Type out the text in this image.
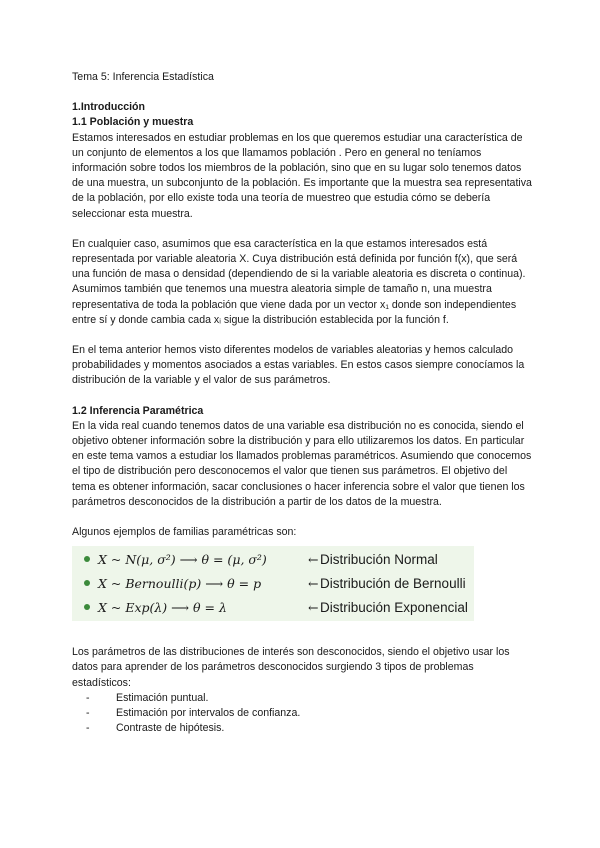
Tema 5: Inferencia Estadística

1.Introducción

1.1 Población y muestra

Estamos interesados en estudiar problemas en los que queremos estudiar una característica de un conjunto de elementos a los que llamamos población . Pero en general no teníamos información sobre todos los miembros de la población, sino que en su lugar solo tenemos datos de una muestra, un subconjunto de la población. Es importante que la muestra sea representativa de la población, por ello existe toda una teoría de muestreo que estudia cómo se debería seleccionar esta muestra.

En cualquier caso, asumimos que esa característica en la que estamos interesados está representada por variable aleatoria X. Cuya distribución está definida por función f(x), que será una función de masa o densidad (dependiendo de si la variable aleatoria es discreta o continua). Asumimos también que tenemos una muestra aleatoria simple de tamaño n, una muestra representativa de toda la población que viene dada por un vector x₁ donde son independientes entre sí y donde cambia cada xᵢ sigue la distribución establecida por la función f.

En el tema anterior hemos visto diferentes modelos de variables aleatorias y hemos calculado probabilidades y momentos asociados a estas variables. En estos casos siempre conocíamos la distribución de la variable y el valor de sus parámetros.

1.2 Inferencia Paramétrica

En la vida real cuando tenemos datos de una variable esa distribución no es conocida, siendo el objetivo obtener información sobre la distribución y para ello utilizaremos los datos. En particular en este tema vamos a estudiar los llamados problemas paramétricos. Asumiendo que conocemos el tipo de distribución pero desconocemos el valor que tienen sus parámetros. El objetivo del tema es obtener información, sacar conclusiones o hacer inferencia sobre el valor que tienen los parámetros desconocidos de la distribución a partir de los datos de la muestra.

Algunos ejemplos de familias paramétricas son:

X ~ N(μ, σ²) ⟶ θ = (μ, σ²)	← Distribución Normal
X ~ Bernoulli(p) ⟶ θ = p	← Distribución de Bernoulli
X ~ Exp(λ) ⟶ θ = λ	← Distribución Exponencial

Los parámetros de las distribuciones de interés son desconocidos, siendo el objetivo usar los datos para aprender de los parámetros desconocidos surgiendo 3 tipos de problemas estadísticos:

-	Estimación puntual.
-	Estimación por intervalos de confianza.
-	Contraste de hipótesis.
